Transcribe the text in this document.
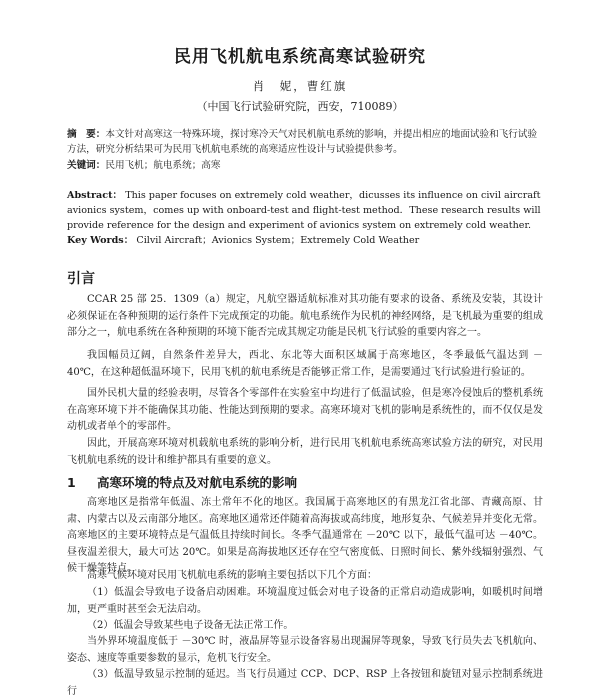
民用飞机航电系统高寒试验研究
肖　妮，曹红旗
（中国飞行试验研究院，西安，710089）
摘　要：本文针对高寒这一特殊环境，探讨寒冷天气对民机航电系统的影响，并提出相应的地面试验和飞行试验方法，研究分析结果可为民用飞机航电系统的高寒适应性设计与试验提供参考。
关键词：民用飞机；航电系统；高寒
Abstract： This paper focuses on extremely cold weather，dicusses its influence on civil aircraft avionics system，comes up with onboard-test and flight-test method．These research results will provide reference for the design and experiment of avionics system on extremely cold weather.
Key Words： Cilvil Aircraft；Avionics System；Extremely Cold Weather
引言
CCAR 25 部 25．1309（a）规定，凡航空器适航标准对其功能有要求的设备、系统及安装，其设计必须保证在各种预期的运行条件下完成预定的功能。航电系统作为民机的神经网络，是飞机最为重要的组成部分之一，航电系统在各种预期的环境下能否完成其规定功能是民机飞行试验的重要内容之一。
我国幅员辽阔，自然条件差异大，西北、东北等大面积区域属于高寒地区，冬季最低气温达到 －40℃，在这种超低温环境下，民用飞机的航电系统是否能够正常工作，是需要通过飞行试验进行验证的。
国外民机大量的经验表明，尽管各个零部件在实验室中均进行了低温试验，但是寒冷侵蚀后的整机系统在高寒环境下并不能确保其功能、性能达到预期的要求。高寒环境对飞机的影响是系统性的，而不仅仅是发动机或者单个的零部件。
因此，开展高寒环境对机载航电系统的影响分析，进行民用飞机航电系统高寒试验方法的研究，对民用飞机航电系统的设计和维护都具有重要的意义。
1 高寒环境的特点及对航电系统的影响
高寒地区是指常年低温、冻土常年不化的地区。我国属于高寒地区的有黑龙江省北部、青藏高原、甘肃、内蒙古以及云南部分地区。高寒地区通常还伴随着高海拔或高纬度，地形复杂、气候差异并变化无常。高寒地区的主要环境特点是气温低且持续时间长。冬季气温通常在 －20℃ 以下，最低气温可达 －40℃。昼夜温差很大，最大可达 20℃。如果是高海拔地区还存在空气密度低、日照时间长、紫外线辐射强烈、气候干燥等特点。
高寒气候环境对民用飞机航电系统的影响主要包括以下几个方面：
（1）低温会导致电子设备启动困难。环境温度过低会对电子设备的正常启动造成影响，如暖机时间增加，更严重时甚至会无法启动。
（2）低温会导致某些电子设备无法正常工作。
当外界环境温度低于 －30℃ 时，液晶屏等显示设备容易出现漏屏等现象，导致飞行员失去飞机航向、姿态、速度等重要参数的显示，危机飞行安全。
（3）低温导致显示控制的延迟。当飞行员通过 CCP、DCP、RSP 上各按钮和旋钮对显示控制系统进行
